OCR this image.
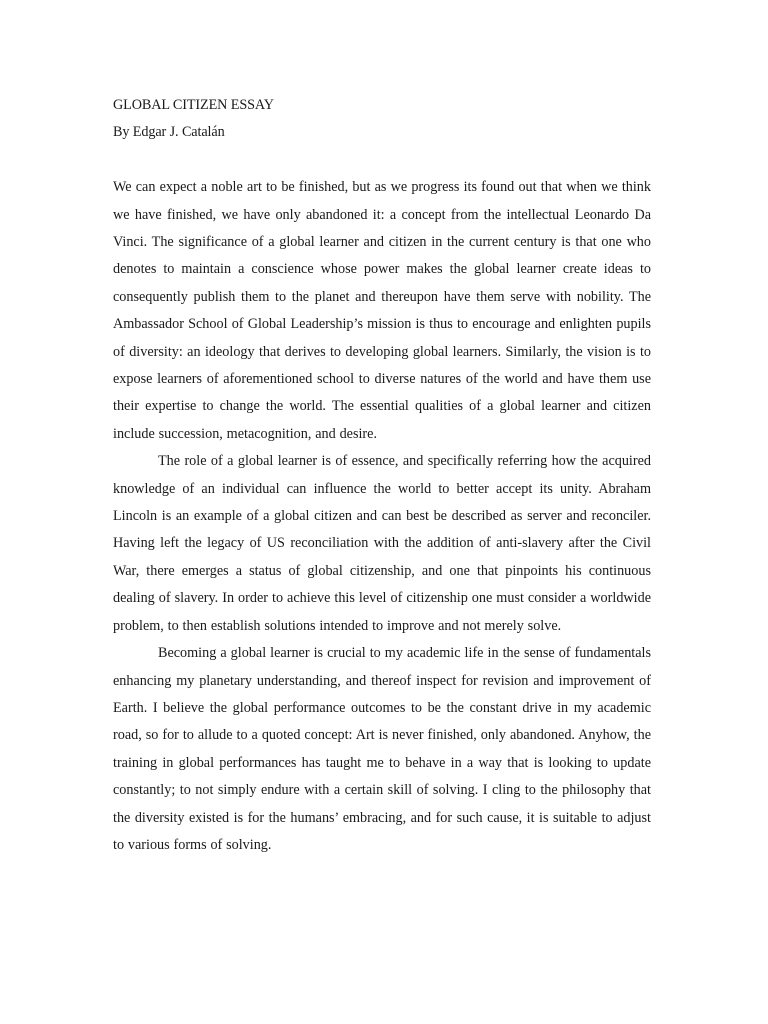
GLOBAL CITIZEN ESSAY

By Edgar J. Catalán

We can expect a noble art to be finished, but as we progress its found out that when we think we have finished, we have only abandoned it: a concept from the intellectual Leonardo Da Vinci. The significance of a global learner and citizen in the current century is that one who denotes to maintain a conscience whose power makes the global learner create ideas to consequently publish them to the planet and thereupon have them serve with nobility. The Ambassador School of Global Leadership’s mission is thus to encourage and enlighten pupils of diversity: an ideology that derives to developing global learners. Similarly, the vision is to expose learners of aforementioned school to diverse natures of the world and have them use their expertise to change the world. The essential qualities of a global learner and citizen include succession, metacognition, and desire.

The role of a global learner is of essence, and specifically referring how the acquired knowledge of an individual can influence the world to better accept its unity. Abraham Lincoln is an example of a global citizen and can best be described as server and reconciler. Having left the legacy of US reconciliation with the addition of anti-slavery after the Civil War, there emerges a status of global citizenship, and one that pinpoints his continuous dealing of slavery. In order to achieve this level of citizenship one must consider a worldwide problem, to then establish solutions intended to improve and not merely solve.

Becoming a global learner is crucial to my academic life in the sense of fundamentals enhancing my planetary understanding, and thereof inspect for revision and improvement of Earth. I believe the global performance outcomes to be the constant drive in my academic road, so for to allude to a quoted concept: Art is never finished, only abandoned. Anyhow, the training in global performances has taught me to behave in a way that is looking to update constantly; to not simply endure with a certain skill of solving. I cling to the philosophy that the diversity existed is for the humans’ embracing, and for such cause, it is suitable to adjust to various forms of solving.
